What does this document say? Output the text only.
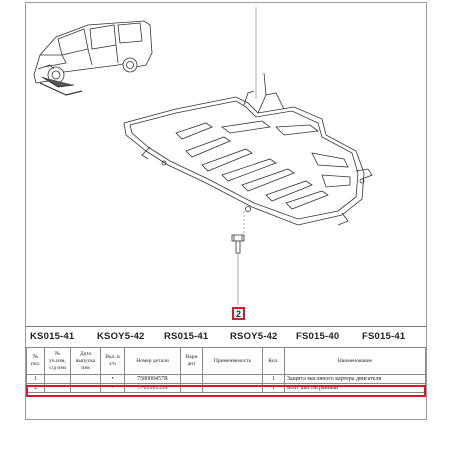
2
KS015-41 KSOY5-42 RS015-41 RSOY5-42 FS015-40 FS015-41
№ поз.	№ уч.изм, с/д изм	Дата выпуска изм	Вкл. в з/ч	Номер детали	Вари ант	Применяемость	Кол.	Наименование
1			•	758000457R			1	Защита масляного картера двигателя
2			•	7703101539			1	Болт шестигранный
